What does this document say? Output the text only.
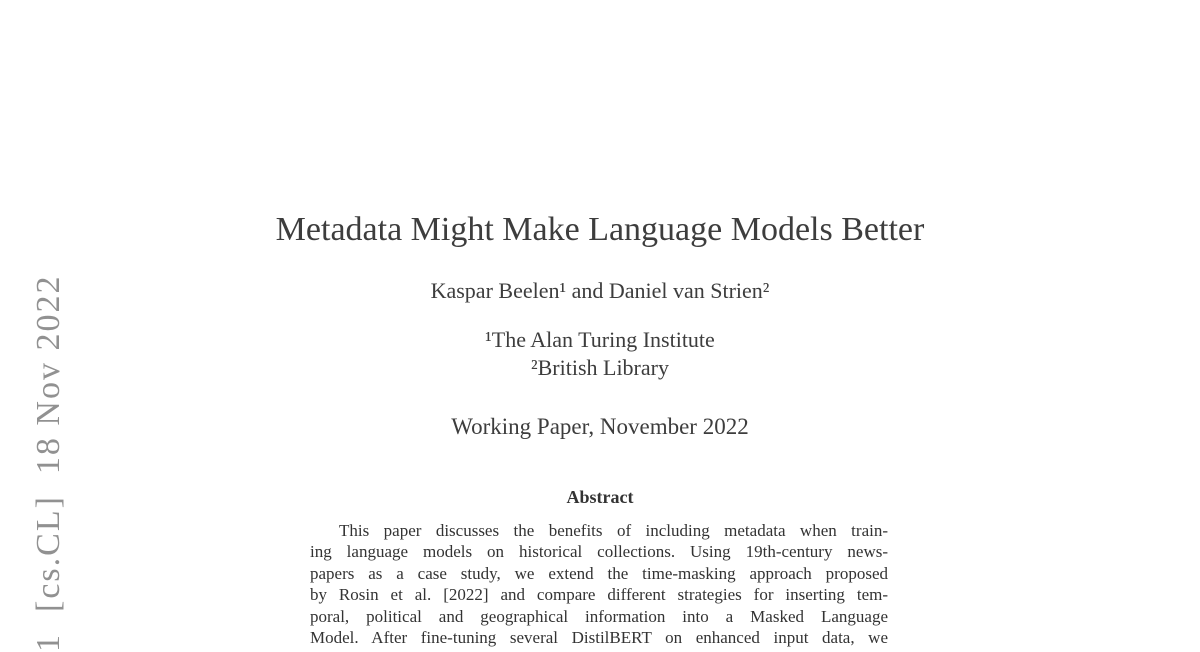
1  [cs.CL]  18 Nov 2022
Metadata Might Make Language Models Better
Kaspar Beelen¹ and Daniel van Strien²
¹The Alan Turing Institute
²British Library
Working Paper, November 2022
Abstract
This paper discusses the benefits of including metadata when train-
ing language models on historical collections. Using 19th-century news-
papers as a case study, we extend the time-masking approach proposed
by Rosin et al. [2022] and compare different strategies for inserting tem-
poral, political and geographical information into a Masked Language
Model. After fine-tuning several DistilBERT on enhanced input data, we
